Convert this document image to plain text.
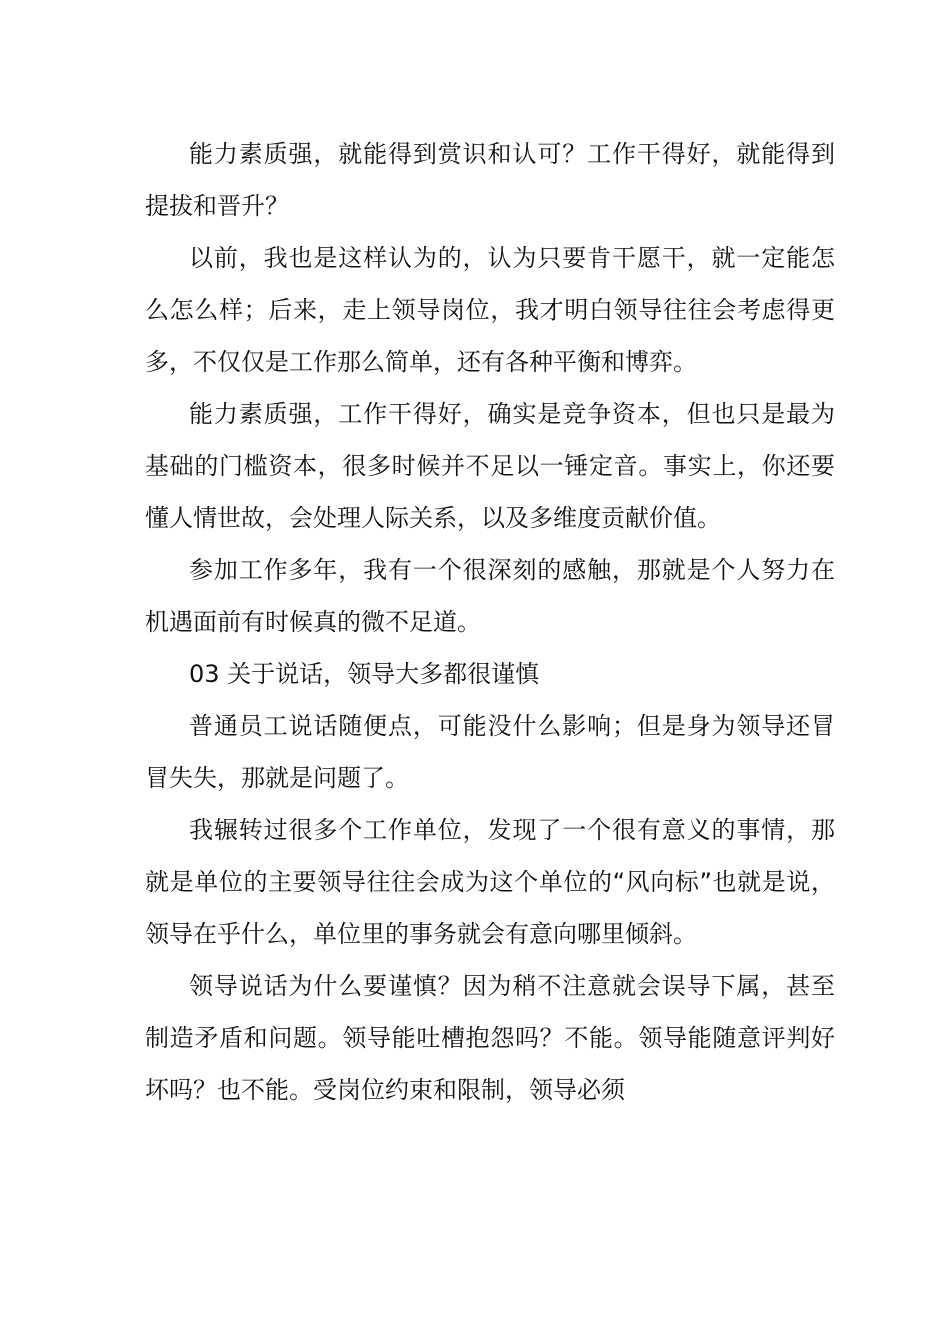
能力素质强，就能得到赏识和认可？工作干得好，就能得到提拔和晋升？

以前，我也是这样认为的，认为只要肯干愿干，就一定能怎么怎么样；后来，走上领导岗位，我才明白领导往往会考虑得更多，不仅仅是工作那么简单，还有各种平衡和博弈。

能力素质强，工作干得好，确实是竞争资本，但也只是最为基础的门槛资本，很多时候并不足以一锤定音。事实上，你还要懂人情世故，会处理人际关系，以及多维度贡献价值。

参加工作多年，我有一个很深刻的感触，那就是个人努力在机遇面前有时候真的微不足道。

03 关于说话，领导大多都很谨慎

普通员工说话随便点，可能没什么影响；但是身为领导还冒冒失失，那就是问题了。

我辗转过很多个工作单位，发现了一个很有意义的事情，那就是单位的主要领导往往会成为这个单位的“风向标”也就是说，领导在乎什么，单位里的事务就会有意向哪里倾斜。

领导说话为什么要谨慎？因为稍不注意就会误导下属，甚至制造矛盾和问题。领导能吐槽抱怨吗？不能。领导能随意评判好坏吗？也不能。受岗位约束和限制，领导必须
